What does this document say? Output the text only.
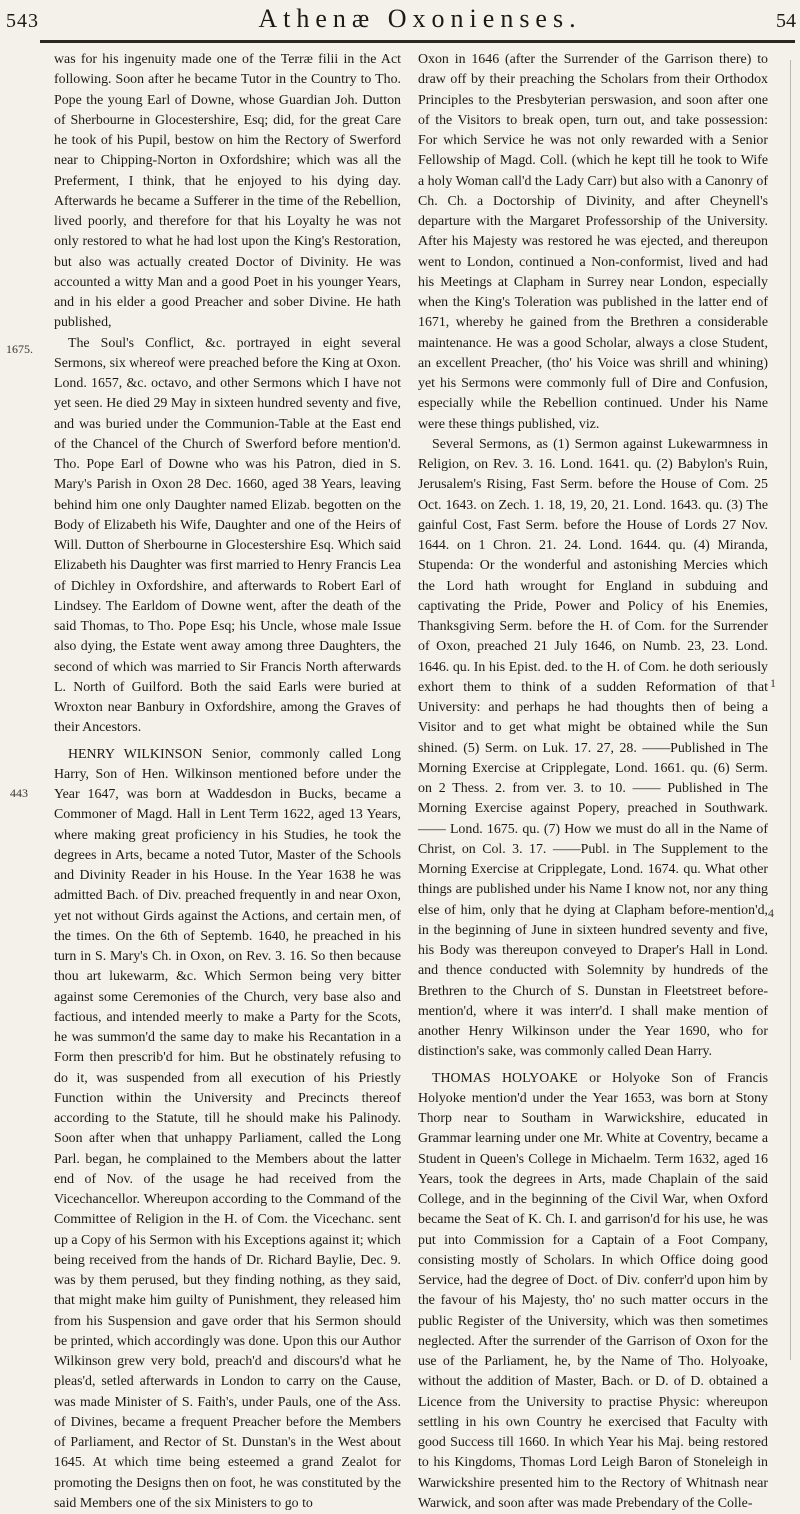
543	Athenæ Oxonienses.	54
1675.
443
1
4

was for his ingenuity made one of the Terræ filii in the Act following. Soon after he became Tutor in the Country to Tho. Pope the young Earl of Downe, whose Guardian Joh. Dutton of Sherbourne in Glocestershire, Esq; did, for the great Care he took of his Pupil, bestow on him the Rectory of Swerford near to Chipping-Norton in Oxfordshire; which was all the Preferment, I think, that he enjoyed to his dying day. Afterwards he became a Sufferer in the time of the Rebellion, lived poorly, and therefore for that his Loyalty he was not only restored to what he had lost upon the King's Restoration, but also was actually created Doctor of Divinity. He was accounted a witty Man and a good Poet in his younger Years, and in his elder a good Preacher and sober Divine. He hath published,

The Soul's Conflict, &c. portrayed in eight several Sermons, six whereof were preached before the King at Oxon. Lond. 1657, &c. octavo, and other Sermons which I have not yet seen. He died 29 May in sixteen hundred seventy and five, and was buried under the Communion-Table at the East end of the Chancel of the Church of Swerford before mention'd. Tho. Pope Earl of Downe who was his Patron, died in S. Mary's Parish in Oxon 28 Dec. 1660, aged 38 Years, leaving behind him one only Daughter named Elizab. begotten on the Body of Elizabeth his Wife, Daughter and one of the Heirs of Will. Dutton of Sherbourne in Glocestershire Esq. Which said Elizabeth his Daughter was first married to Henry Francis Lea of Dichley in Oxfordshire, and afterwards to Robert Earl of Lindsey. The Earldom of Downe went, after the death of the said Thomas, to Tho. Pope Esq; his Uncle, whose male Issue also dying, the Estate went away among three Daughters, the second of which was married to Sir Francis North afterwards L. North of Guilford. Both the said Earls were buried at Wroxton near Banbury in Oxfordshire, among the Graves of their Ancestors.

HENRY WILKINSON Senior, commonly called Long Harry, Son of Hen. Wilkinson mentioned before under the Year 1647, was born at Waddesdon in Bucks, became a Commoner of Magd. Hall in Lent Term 1622, aged 13 Years, where making great proficiency in his Studies, he took the degrees in Arts, became a noted Tutor, Master of the Schools and Divinity Reader in his House. In the Year 1638 he was admitted Bach. of Div. preached frequently in and near Oxon, yet not without Girds against the Actions, and certain men, of the times. On the 6th of Septemb. 1640, he preached in his turn in S. Mary's Ch. in Oxon, on Rev. 3. 16. So then because thou art lukewarm, &c. Which Sermon being very bitter against some Ceremonies of the Church, very base also and factious, and intended meerly to make a Party for the Scots, he was summon'd the same day to make his Recantation in a Form then prescrib'd for him. But he obstinately refusing to do it, was suspended from all execution of his Priestly Function within the University and Precincts thereof according to the Statute, till he should make his Palinody. Soon after when that unhappy Parliament, called the Long Parl. began, he complained to the Members about the latter end of Nov. of the usage he had received from the Vicechancellor. Whereupon according to the Command of the Committee of Religion in the H. of Com. the Vicechanc. sent up a Copy of his Sermon with his Exceptions against it; which being received from the hands of Dr. Richard Baylie, Dec. 9. was by them perused, but they finding nothing, as they said, that might make him guilty of Punishment, they released him from his Suspension and gave order that his Sermon should be printed, which accordingly was done. Upon this our Author Wilkinson grew very bold, preach'd and discours'd what he pleas'd, setled afterwards in London to carry on the Cause, was made Minister of S. Faith's, under Pauls, one of the Ass. of Divines, became a frequent Preacher before the Members of Parliament, and Rector of St. Dunstan's in the West about 1645. At which time being esteemed a grand Zealot for promoting the Designs then on foot, he was constituted by the said Members one of the six Ministers to go to

Oxon in 1646 (after the Surrender of the Garrison there) to draw off by their preaching the Scholars from their Orthodox Principles to the Presbyterian perswasion, and soon after one of the Visitors to break open, turn out, and take possession: For which Service he was not only rewarded with a Senior Fellowship of Magd. Coll. (which he kept till he took to Wife a holy Woman call'd the Lady Carr) but also with a Canonry of Ch. Ch. a Doctorship of Divinity, and after Cheynell's departure with the Margaret Professorship of the University. After his Majesty was restored he was ejected, and thereupon went to London, continued a Non-conformist, lived and had his Meetings at Clapham in Surrey near London, especially when the King's Toleration was published in the latter end of 1671, whereby he gained from the Brethren a considerable maintenance. He was a good Scholar, always a close Student, an excellent Preacher, (tho' his Voice was shrill and whining) yet his Sermons were commonly full of Dire and Confusion, especially while the Rebellion continued. Under his Name were these things published, viz.

Several Sermons, as (1) Sermon against Lukewarmness in Religion, on Rev. 3. 16. Lond. 1641. qu. (2) Babylon's Ruin, Jerusalem's Rising, Fast Serm. before the House of Com. 25 Oct. 1643. on Zech. 1. 18, 19, 20, 21. Lond. 1643. qu. (3) The gainful Cost, Fast Serm. before the House of Lords 27 Nov. 1644. on 1 Chron. 21. 24. Lond. 1644. qu. (4) Miranda, Stupenda: Or the wonderful and astonishing Mercies which the Lord hath wrought for England in subduing and captivating the Pride, Power and Policy of his Enemies, Thanksgiving Serm. before the H. of Com. for the Surrender of Oxon, preached 21 July 1646, on Numb. 23, 23. Lond. 1646. qu. In his Epist. ded. to the H. of Com. he doth seriously exhort them to think of a sudden Reformation of that University: and perhaps he had thoughts then of being a Visitor and to get what might be obtained while the Sun shined. (5) Serm. on Luk. 17. 27, 28. ——Published in The Morning Exercise at Cripplegate, Lond. 1661. qu. (6) Serm. on 2 Thess. 2. from ver. 3. to 10. —— Published in The Morning Exercise against Popery, preached in Southwark. —— Lond. 1675. qu. (7) How we must do all in the Name of Christ, on Col. 3. 17. ——Publ. in The Supplement to the Morning Exercise at Cripplegate, Lond. 1674. qu. What other things are published under his Name I know not, nor any thing else of him, only that he dying at Clapham before-mention'd, in the beginning of June in sixteen hundred seventy and five, his Body was thereupon conveyed to Draper's Hall in Lond. and thence conducted with Solemnity by hundreds of the Brethren to the Church of S. Dunstan in Fleetstreet before-mention'd, where it was interr'd. I shall make mention of another Henry Wilkinson under the Year 1690, who for distinction's sake, was commonly called Dean Harry.

THOMAS HOLYOAKE or Holyoke Son of Francis Holyoke mention'd under the Year 1653, was born at Stony Thorp near to Southam in Warwickshire, educated in Grammar learning under one Mr. White at Coventry, became a Student in Queen's College in Michaelm. Term 1632, aged 16 Years, took the degrees in Arts, made Chaplain of the said College, and in the beginning of the Civil War, when Oxford became the Seat of K. Ch. I. and garrison'd for his use, he was put into Commission for a Captain of a Foot Company, consisting mostly of Scholars. In which Office doing good Service, had the degree of Doct. of Div. conferr'd upon him by the favour of his Majesty, tho' no such matter occurs in the public Register of the University, which was then sometimes neglected. After the surrender of the Garrison of Oxon for the use of the Parliament, he, by the Name of Tho. Holyoake, without the addition of Master, Bach. or D. of D. obtained a Licence from the University to practise Physic: whereupon settling in his own Country he exercised that Faculty with good Success till 1660. In which Year his Maj. being restored to his Kingdoms, Thomas Lord Leigh Baron of Stoneleigh in Warwickshire presented him to the Rectory of Whitnash near Warwick, and soon after was made Prebendary of the Colle-
